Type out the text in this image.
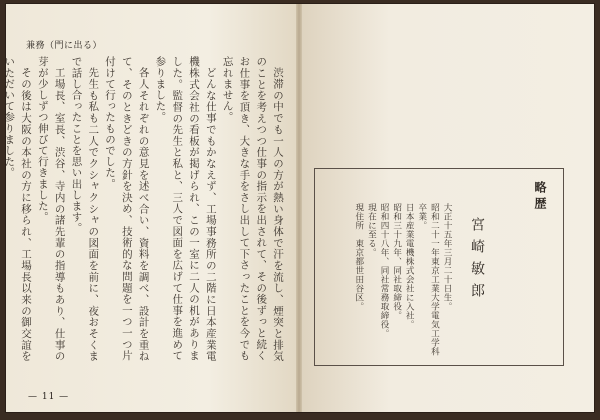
兼務（門に出る）

渋滞の中でも一人の方が熱い身体で汗を流し、煙突と排気のことを考えつつ仕事の指示を出されて、その後ずっと続くお仕事を頂き、大きな手をさし出して下さったことを今でも忘れません。

どんな仕事でもかなえず、工場事務所の二階に日本産業電機株式会社の看板が掲げられ、この一室に二人の机がありました。監督の先生と私と、三人で図面を広げて仕事を進めて参りました。

各人それぞれの意見を述べ合い、資料を調べ、設計を重ねて、そのときどきの方針を決め、技術的な問題を一つ一つ片付けて行ったものでした。

先生も私も二人でクシャクシャの図面を前に、夜おそくまで話し合ったことを思い出します。

工場長、室長、渋谷、寺内の諸先輩の指導もあり、仕事の芽が少しずつ伸びて行きました。

その後は大阪の本社の方に移られ、工場長以来の御交誼をいただいて参りました。

— 11 —
略歴
宮崎敏郎

大正十五年三月二十日生。

昭和二十一年東京工業大学電気工学科卒業。

日本産業電機株式会社に入社。

昭和三十九年、同社取締役。

昭和四十八年、同社常務取締役。

現在に至る。

現住所　東京都世田谷区。
